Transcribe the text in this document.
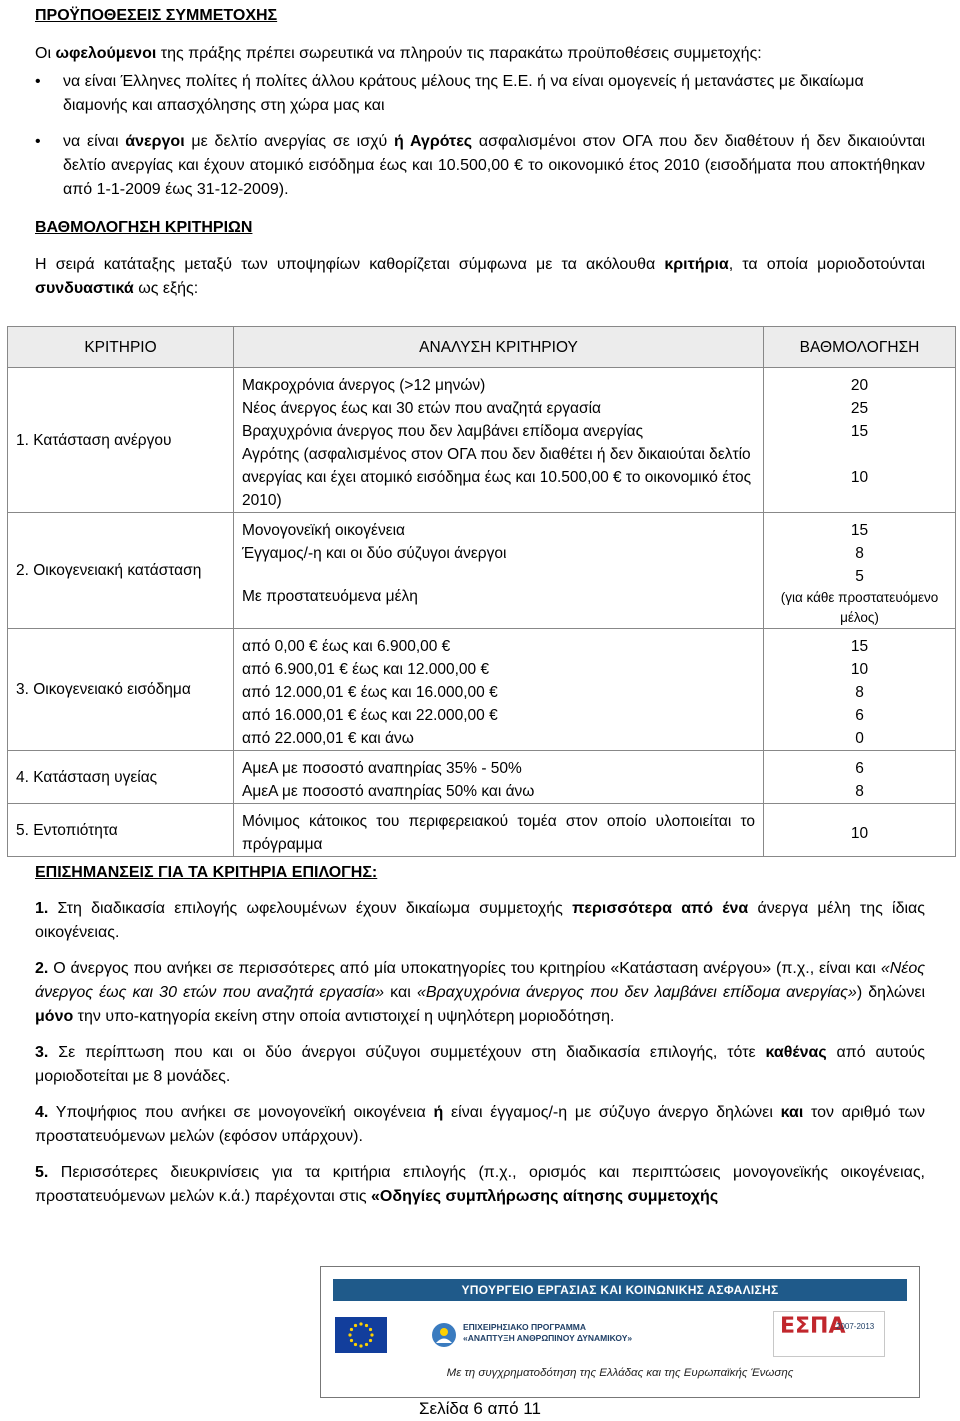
ΠΡΟΫΠΟΘΕΣΕΙΣ ΣΥΜΜΕΤΟΧΗΣ
Οι ωφελούμενοι της πράξης πρέπει σωρευτικά να πληρούν τις παρακάτω προϋποθέσεις συμμετοχής:
• να είναι Έλληνες πολίτες ή πολίτες άλλου κράτους μέλους της Ε.Ε. ή να είναι ομογενείς ή μετανάστες με δικαίωμα διαμονής και απασχόλησης στη χώρα μας και
• να είναι άνεργοι με δελτίο ανεργίας σε ισχύ ή Αγρότες ασφαλισμένοι στον ΟΓΑ που δεν διαθέτουν ή δεν δικαιούνται δελτίο ανεργίας και έχουν ατομικό εισόδημα έως και 10.500,00 € το οικονομικό έτος 2010 (εισοδήματα που αποκτήθηκαν από 1-1-2009 έως 31-12-2009).
ΒΑΘΜΟΛΟΓΗΣΗ ΚΡΙΤΗΡΙΩΝ
Η σειρά κατάταξης μεταξύ των υποψηφίων καθορίζεται σύμφωνα με τα ακόλουθα κριτήρια, τα οποία μοριοδοτούνται συνδυαστικά ως εξής:
ΚΡΙΤΗΡΙΟ	ΑΝΑΛΥΣΗ ΚΡΙΤΗΡΙΟΥ	ΒΑΘΜΟΛΟΓΗΣΗ
1. Κατάσταση ανέργου	Μακροχρόνια άνεργος (>12 μηνών)	20
	Νέος άνεργος έως και 30 ετών που αναζητά εργασία	25
	Βραχυχρόνια άνεργος που δεν λαμβάνει επίδομα ανεργίας	15
	Αγρότης (ασφαλισμένος στον ΟΓΑ που δεν διαθέτει ή δεν δικαιούται δελτίο ανεργίας και έχει ατομικό εισόδημα έως και 10.500,00 € το οικονομικό έτος 2010)	10
2. Οικογενειακή κατάσταση	Μονογονεϊκή οικογένεια	15
	Έγγαμος/-η και οι δύο σύζυγοι άνεργοι	8
	Με προστατευόμενα μέλη	5
(για κάθε προστατευόμενο μέλος)

3. Οικογενειακό εισόδημα	από 0,00 € έως και 6.900,00 €	15
	από 6.900,01 € έως και 12.000,00 €	10
	από 12.000,01 € έως και 16.000,00 €	8
	από 16.000,01 € έως και 22.000,00 €	6
	από 22.000,01 € και άνω	0
4. Κατάσταση υγείας	ΑμεΑ με ποσοστό αναπηρίας 35% - 50%	6
	ΑμεΑ με ποσοστό αναπηρίας 50% και άνω	8
5. Εντοπιότητα	Μόνιμος κάτοικος του περιφερειακού τομέα στον οποίο υλοποιείται το πρόγραμμα	10
ΕΠΙΣΗΜΑΝΣΕΙΣ ΓΙΑ ΤΑ ΚΡΙΤΗΡΙΑ ΕΠΙΛΟΓΗΣ:

1. Στη διαδικασία επιλογής ωφελουμένων έχουν δικαίωμα συμμετοχής περισσότερα από ένα άνεργα μέλη της ίδιας οικογένειας.

2. Ο άνεργος που ανήκει σε περισσότερες από μία υποκατηγορίες του κριτηρίου «Κατάσταση ανέργου» (π.χ., είναι και «Νέος άνεργος έως και 30 ετών που αναζητά εργασία» και «Βραχυχρόνια άνεργος που δεν λαμβάνει επίδομα ανεργίας») δηλώνει μόνο την υπο-κατηγορία εκείνη στην οποία αντιστοιχεί η υψηλότερη μοριοδότηση.

3. Σε περίπτωση που και οι δύο άνεργοι σύζυγοι συμμετέχουν στη διαδικασία επιλογής, τότε καθένας από αυτούς μοριοδοτείται με 8 μονάδες.

4. Υποψήφιος που ανήκει σε μονογονεϊκή οικογένεια ή είναι έγγαμος/-η με σύζυγο άνεργο δηλώνει και τον αριθμό των προστατευόμενων μελών (εφόσον υπάρχουν).

5. Περισσότερες διευκρινίσεις για τα κριτήρια επιλογής (π.χ., ορισμός και περιπτώσεις μονογονεϊκής οικογένειας, προστατευόμενων μελών κ.ά.) παρέχονται στις «Οδηγίες συμπλήρωσης αίτησης συμμετοχής

ΥΠΟΥΡΓΕΙΟ ΕΡΓΑΣΙΑΣ ΚΑΙ ΚΟΙΝΩΝΙΚΗΣ ΑΣΦΑΛΙΣΗΣ
ΕΠΙΧΕΙΡΗΣΙΑΚΟ ΠΡΟΓΡΑΜΜΑ
«ΑΝΑΠΤΥΞΗ ΑΝΘΡΩΠΙΝΟΥ ΔΥΝΑΜΙΚΟΥ»	ΕΣΠΑ
2007-2013
Με τη συγχρηματοδότηση της Ελλάδας και της Ευρωπαϊκής Ένωσης
Σελίδα 6 από 11
